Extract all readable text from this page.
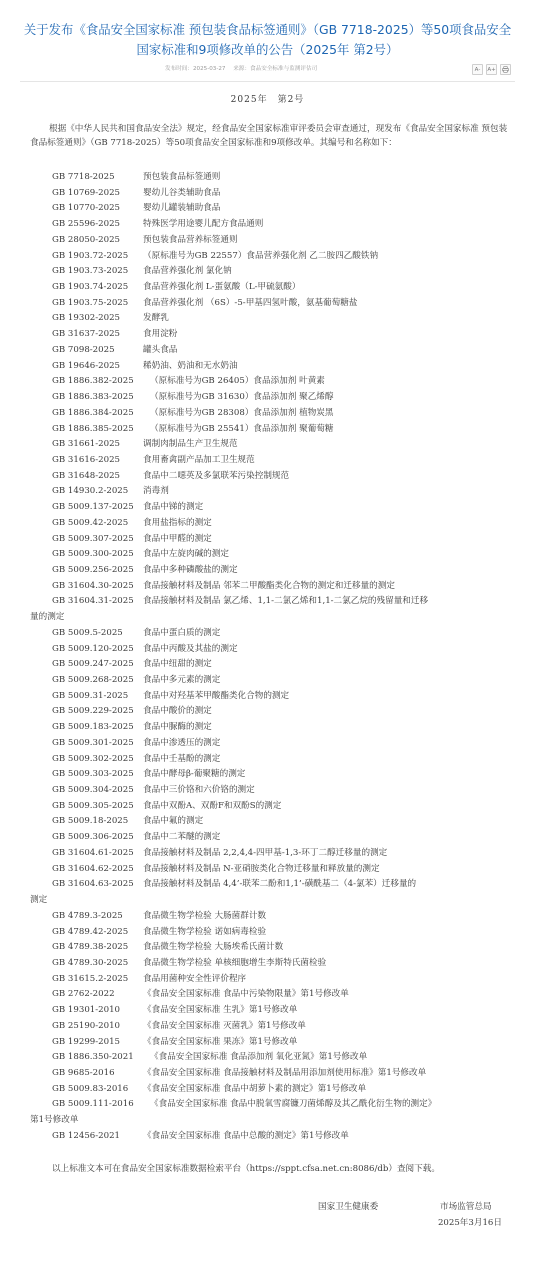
关于发布《食品安全国家标准 预包装食品标签通则》（GB 7718-2025）等50项食品安全国家标准和9项修改单的公告（2025年 第2号）
发布时间：2025-03-27 来源：食品安全标准与监测评估司	A-	A+
2025年　第2号
根据《中华人民共和国食品安全法》规定，经食品安全国家标准审评委员会审查通过，现发布《食品安全国家标准 预包装食品标签通则》（GB 7718-2025）等50项食品安全国家标准和9项修改单。其编号和名称如下：
GB 7718-2025	预包装食品标签通则
GB 10769-2025	婴幼儿谷类辅助食品
GB 10770-2025	婴幼儿罐装辅助食品
GB 25596-2025	特殊医学用途婴儿配方食品通则
GB 28050-2025	预包装食品营养标签通则
GB 1903.72-2025 （原标准号为GB 22557）食品营养强化剂 乙二胺四乙酸铁钠
GB 1903.73-2025 食品营养强化剂 氯化钠
GB 1903.74-2025 食品营养强化剂 L-蛋氨酸（L-甲硫氨酸）
GB 1903.75-2025 食品营养强化剂 （6S）-5-甲基四氢叶酸，氨基葡萄糖盐
GB 19302-2025	发酵乳
GB 31637-2025	食用淀粉
GB 7098-2025	罐头食品
GB 19646-2025	稀奶油、奶油和无水奶油
GB 1886.382-2025 （原标准号为GB 26405）食品添加剂 叶黄素
GB 1886.383-2025 （原标准号为GB 31630）食品添加剂 聚乙烯醇
GB 1886.384-2025 （原标准号为GB 28308）食品添加剂 植物炭黑
GB 1886.385-2025 （原标准号为GB 25541）食品添加剂 聚葡萄糖
GB 31661-2025	调制肉制品生产卫生规范
GB 31616-2025	食用畜禽副产品加工卫生规范
GB 31648-2025	食品中二噁英及多氯联苯污染控制规范
GB 14930.2-2025 消毒剂
GB 5009.137-2025 食品中锑的测定
GB 5009.42-2025 食用盐指标的测定
GB 5009.307-2025 食品中甲醛的测定
GB 5009.300-2025 食品中左旋肉碱的测定
GB 5009.256-2025 食品中多种磷酸盐的测定
GB 31604.30-2025 食品接触材料及制品 邻苯二甲酸酯类化合物的测定和迁移量的测定
GB 31604.31-2025 食品接触材料及制品 氯乙烯、1,1-二氯乙烯和1,1-二氯乙烷的残留量和迁移
量的测定
GB 5009.5-2025 食品中蛋白质的测定
GB 5009.120-2025 食品中丙酸及其盐的测定
GB 5009.247-2025 食品中纽甜的测定
GB 5009.268-2025 食品中多元素的测定
GB 5009.31-2025 食品中对羟基苯甲酸酯类化合物的测定
GB 5009.229-2025 食品中酸价的测定
GB 5009.183-2025 食品中脲酶的测定
GB 5009.301-2025 食品中渗透压的测定
GB 5009.302-2025 食品中壬基酚的测定
GB 5009.303-2025 食品中酵母β-葡聚糖的测定
GB 5009.304-2025 食品中三价铬和六价铬的测定
GB 5009.305-2025 食品中双酚A、双酚F和双酚S的测定
GB 5009.18-2025 食品中氟的测定
GB 5009.306-2025 食品中二苯醚的测定
GB 31604.61-2025 食品接触材料及制品 2,2,4,4-四甲基-1,3-环丁二醇迁移量的测定
GB 31604.62-2025 食品接触材料及制品 N-亚硝胺类化合物迁移量和释放量的测定
GB 31604.63-2025 食品接触材料及制品 4,4’-联苯二酚和1,1’-磺酰基二（4-氯苯）迁移量的
测定
GB 4789.3-2025 食品微生物学检验 大肠菌群计数
GB 4789.42-2025 食品微生物学检验 诺如病毒检验
GB 4789.38-2025 食品微生物学检验 大肠埃希氏菌计数
GB 4789.30-2025 食品微生物学检验 单核细胞增生李斯特氏菌检验
GB 31615.2-2025 食品用菌种安全性评价程序
GB 2762-2022	《食品安全国家标准 食品中污染物限量》第1号修改单
GB 19301-2010	《食品安全国家标准 生乳》第1号修改单
GB 25190-2010	《食品安全国家标准 灭菌乳》第1号修改单
GB 19299-2015	《食品安全国家标准 果冻》第1号修改单
GB 1886.350-2021 《食品安全国家标准 食品添加剂 氧化亚氮》第1号修改单
GB 9685-2016	《食品安全国家标准 食品接触材料及制品用添加剂使用标准》第1号修改单
GB 5009.83-2016 《食品安全国家标准 食品中胡萝卜素的测定》第1号修改单
GB 5009.111-2016 《食品安全国家标准 食品中脱氧雪腐镰刀菌烯醇及其乙酰化衍生物的测定》
第1号修改单
GB 12456-2021	《食品安全国家标准 食品中总酸的测定》第1号修改单
以上标准文本可在食品安全国家标准数据检索平台（https://sppt.cfsa.net.cn:8086/db）查阅下载。
国家卫生健康委	市场监管总局
2025年3月16日
